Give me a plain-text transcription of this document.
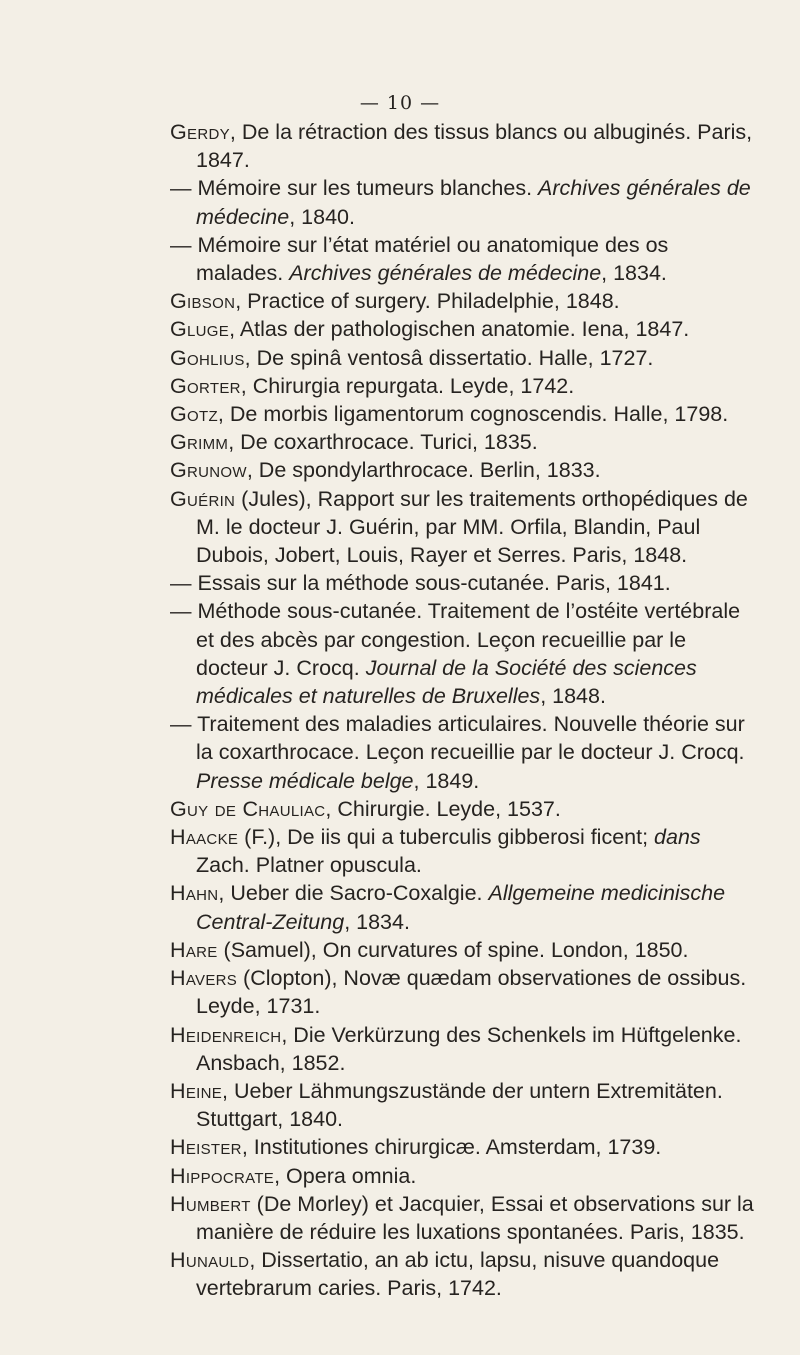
— 10 —
Gerdy, De la rétraction des tissus blancs ou albuginés. Paris, 1847.
— Mémoire sur les tumeurs blanches. Archives générales de médecine, 1840.
— Mémoire sur l’état matériel ou anatomique des os malades. Archives générales de médecine, 1834.
Gibson, Practice of surgery. Philadelphie, 1848.
Gluge, Atlas der pathologischen anatomie. Iena, 1847.
Gohlius, De spinâ ventosâ dissertatio. Halle, 1727.
Gorter, Chirurgia repurgata. Leyde, 1742.
Gotz, De morbis ligamentorum cognoscendis. Halle, 1798.
Grimm, De coxarthrocace. Turici, 1835.
Grunow, De spondylarthrocace. Berlin, 1833.
Guérin (Jules), Rapport sur les traitements orthopédiques de M. le docteur J. Guérin, par MM. Orfila, Blandin, Paul Dubois, Jobert, Louis, Rayer et Serres. Paris, 1848.
— Essais sur la méthode sous-cutanée. Paris, 1841.
— Méthode sous-cutanée. Traitement de l’ostéite vertébrale et des abcès par congestion. Leçon recueillie par le docteur J. Crocq. Journal de la Société des sciences médicales et naturelles de Bruxelles, 1848.
— Traitement des maladies articulaires. Nouvelle théorie sur la coxarthrocace. Leçon recueillie par le docteur J. Crocq. Presse médicale belge, 1849.
Guy de Chauliac, Chirurgie. Leyde, 1537.
Haacke (F.), De iis qui a tuberculis gibberosi ficent; dans Zach. Platner opuscula.
Hahn, Ueber die Sacro-Coxalgie. Allgemeine medicinische Central-Zeitung, 1834.
Hare (Samuel), On curvatures of spine. London, 1850.
Havers (Clopton), Novæ quædam observationes de ossibus. Leyde, 1731.
Heidenreich, Die Verkürzung des Schenkels im Hüftgelenke. Ansbach, 1852.
Heine, Ueber Lähmungszustände der untern Extremitäten. Stuttgart, 1840.
Heister, Institutiones chirurgicæ. Amsterdam, 1739.
Hippocrate, Opera omnia.
Humbert (De Morley) et Jacquier, Essai et observations sur la manière de réduire les luxations spontanées. Paris, 1835.
Hunauld, Dissertatio, an ab ictu, lapsu, nisuve quandoque vertebrarum caries. Paris, 1742.
